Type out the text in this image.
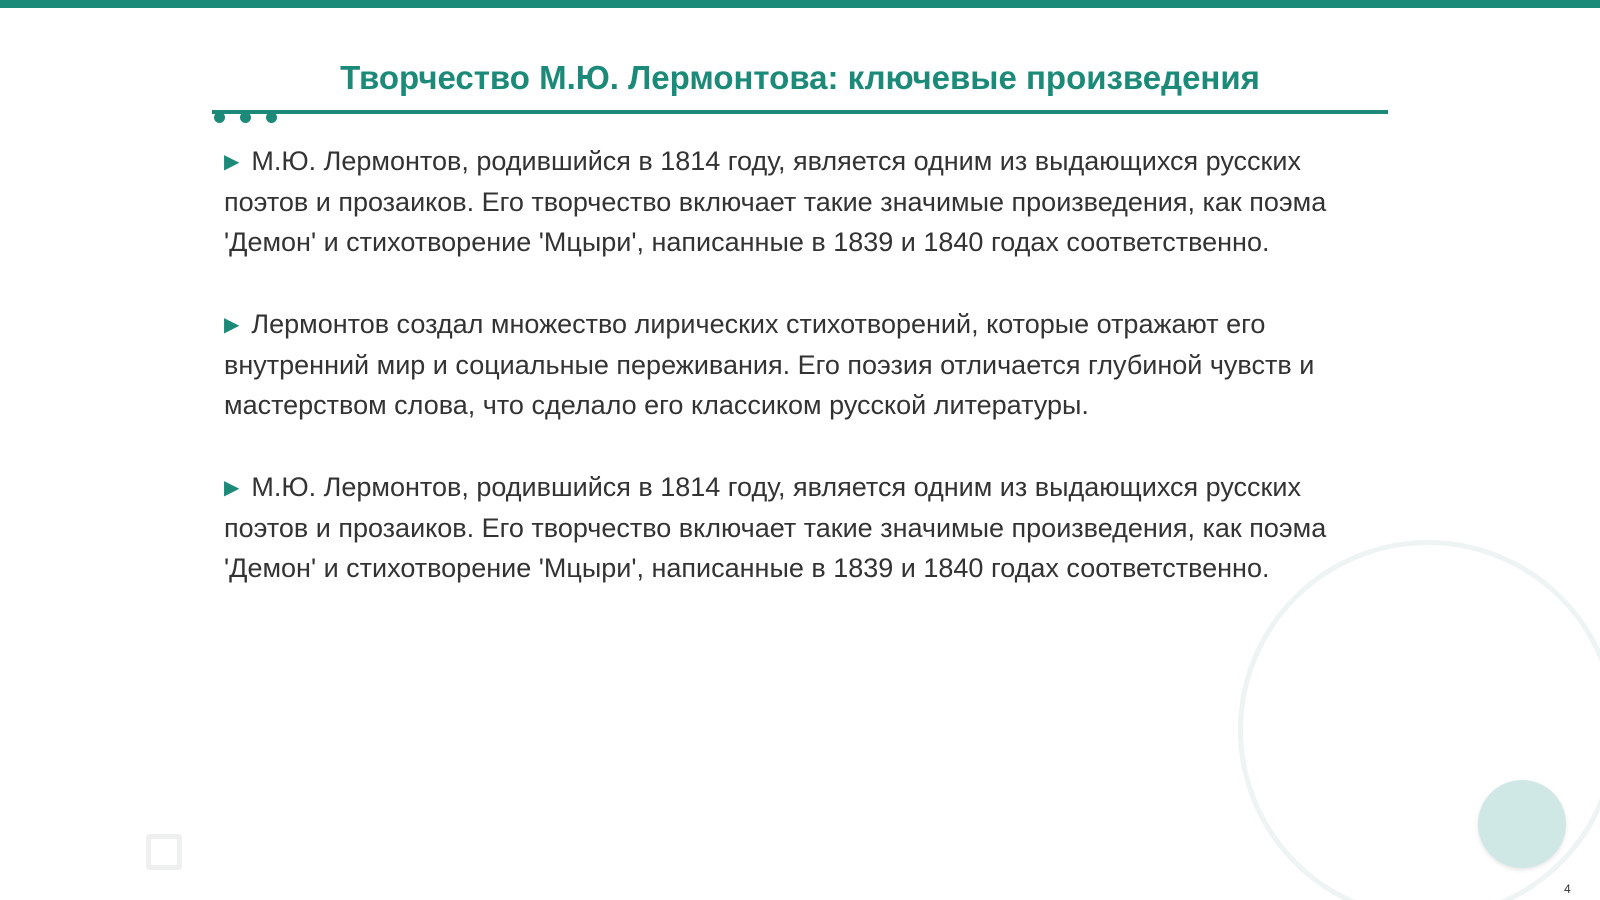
Творчество М.Ю. Лермонтова: ключевые произведения
▶ М.Ю. Лермонтов, родившийся в 1814 году, является одним из выдающихся русских поэтов и прозаиков. Его творчество включает такие значимые произведения, как поэма 'Демон' и стихотворение 'Мцыри', написанные в 1839 и 1840 годах соответственно.
▶ Лермонтов создал множество лирических стихотворений, которые отражают его внутренний мир и социальные переживания. Его поэзия отличается глубиной чувств и мастерством слова, что сделало его классиком русской литературы.
▶ М.Ю. Лермонтов, родившийся в 1814 году, является одним из выдающихся русских поэтов и прозаиков. Его творчество включает такие значимые произведения, как поэма 'Демон' и стихотворение 'Мцыри', написанные в 1839 и 1840 годах соответственно.
4
